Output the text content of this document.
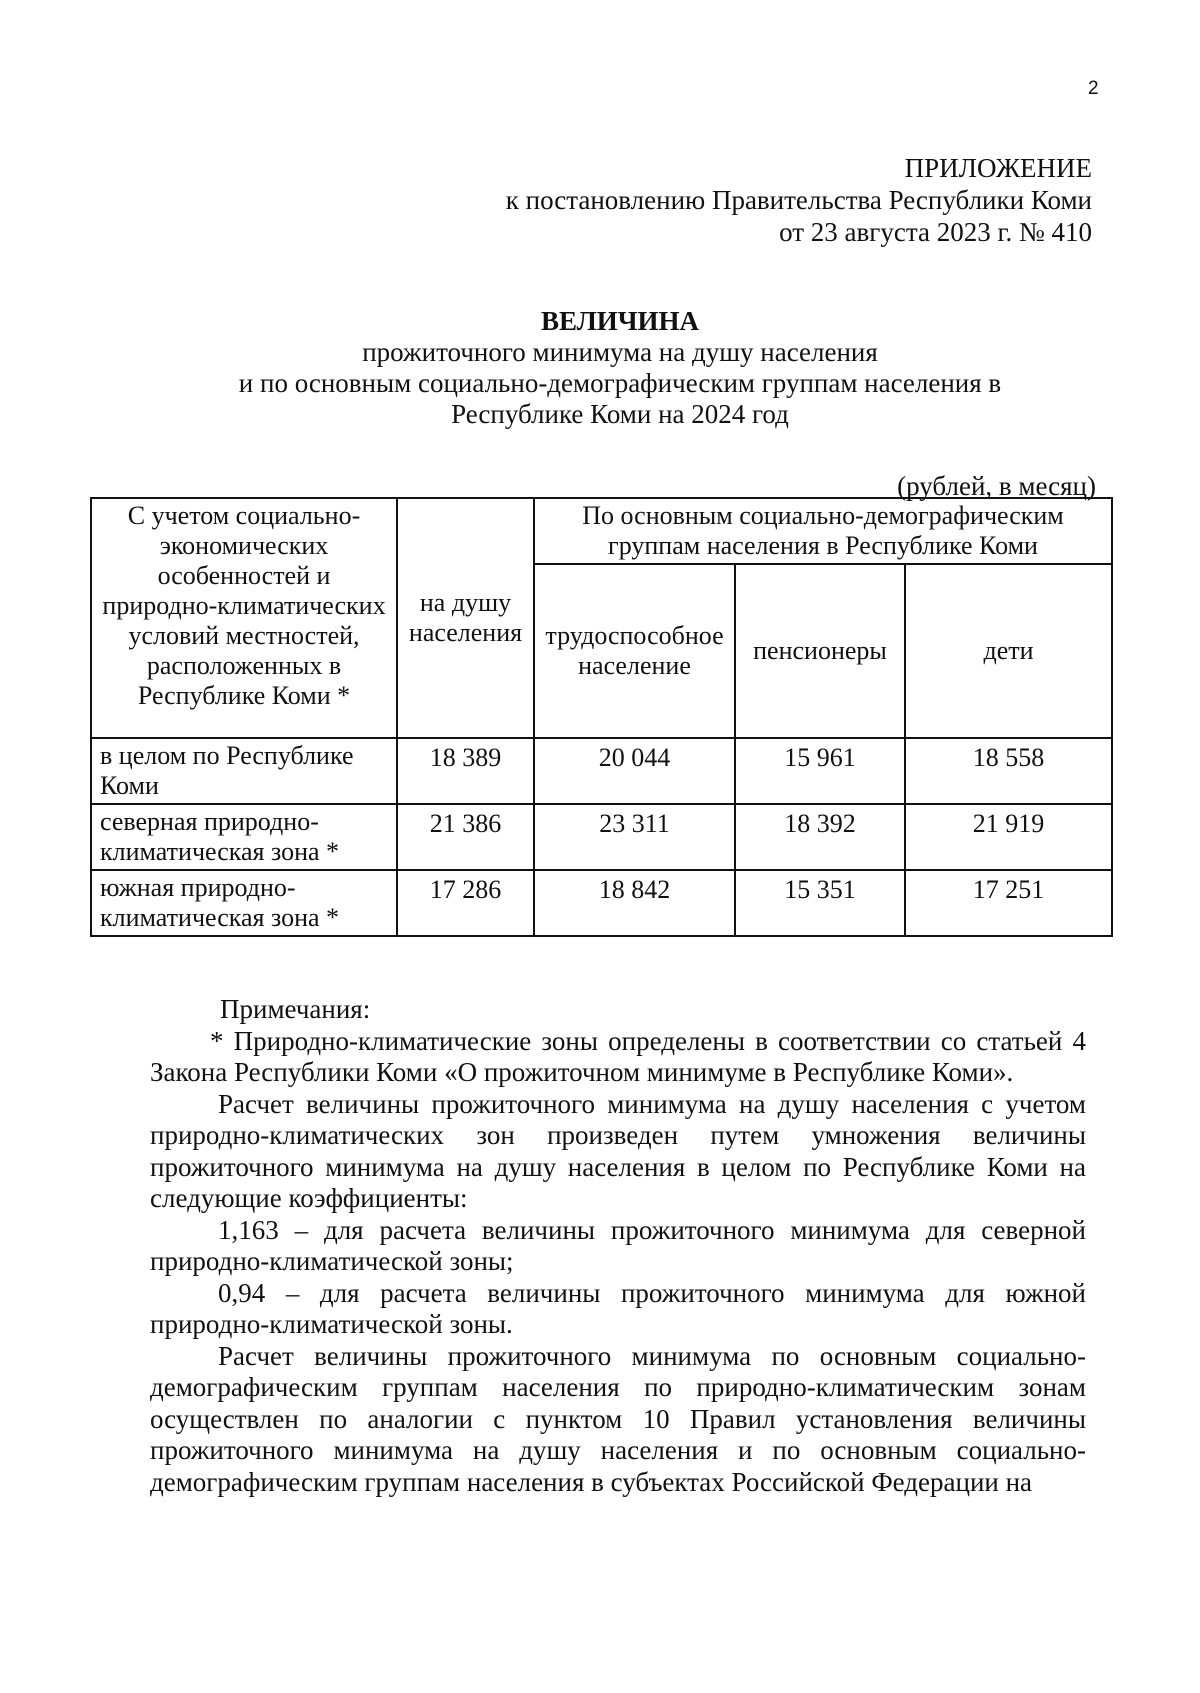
2
ПРИЛОЖЕНИЕ
к постановлению Правительства Республики Коми
от 23 августа 2023 г. № 410
ВЕЛИЧИНА
прожиточного минимума на душу населения
и по основным социально-демографическим группам населения в
Республике Коми на 2024 год
(рублей, в месяц)
С учетом социально-экономических особенностей и природно-климатических условий местностей, расположенных в Республике Коми *	на душу населения	По основным социально-демографическим группам населения в Республике Коми		
		трудоспособное население	пенсионеры	дети
в целом по Республике Коми	18 389	20 044	15 961	18 558
северная природно-климатическая зона *	21 386	23 311	18 392	21 919
южная природно-климатическая зона *	17 286	18 842	15 351	17 251

Примечания:

* Природно-климатические зоны определены в соответствии со статьей 4 Закона Республики Коми «О прожиточном минимуме в Республике Коми».

Расчет величины прожиточного минимума на душу населения с учетом природно-климатических зон произведен путем умножения величины прожиточного минимума на душу населения в целом по Республике Коми на следующие коэффициенты:

1,163 – для расчета величины прожиточного минимума для северной природно-климатической зоны;

0,94 – для расчета величины прожиточного минимума для южной природно-климатической зоны.

Расчет величины прожиточного минимума по основным социально-демографическим группам населения по природно-климатическим зонам осуществлен по аналогии с пунктом 10 Правил установления величины прожиточного минимума на душу населения и по основным социально-демографическим группам населения в субъектах Российской Федерации на
